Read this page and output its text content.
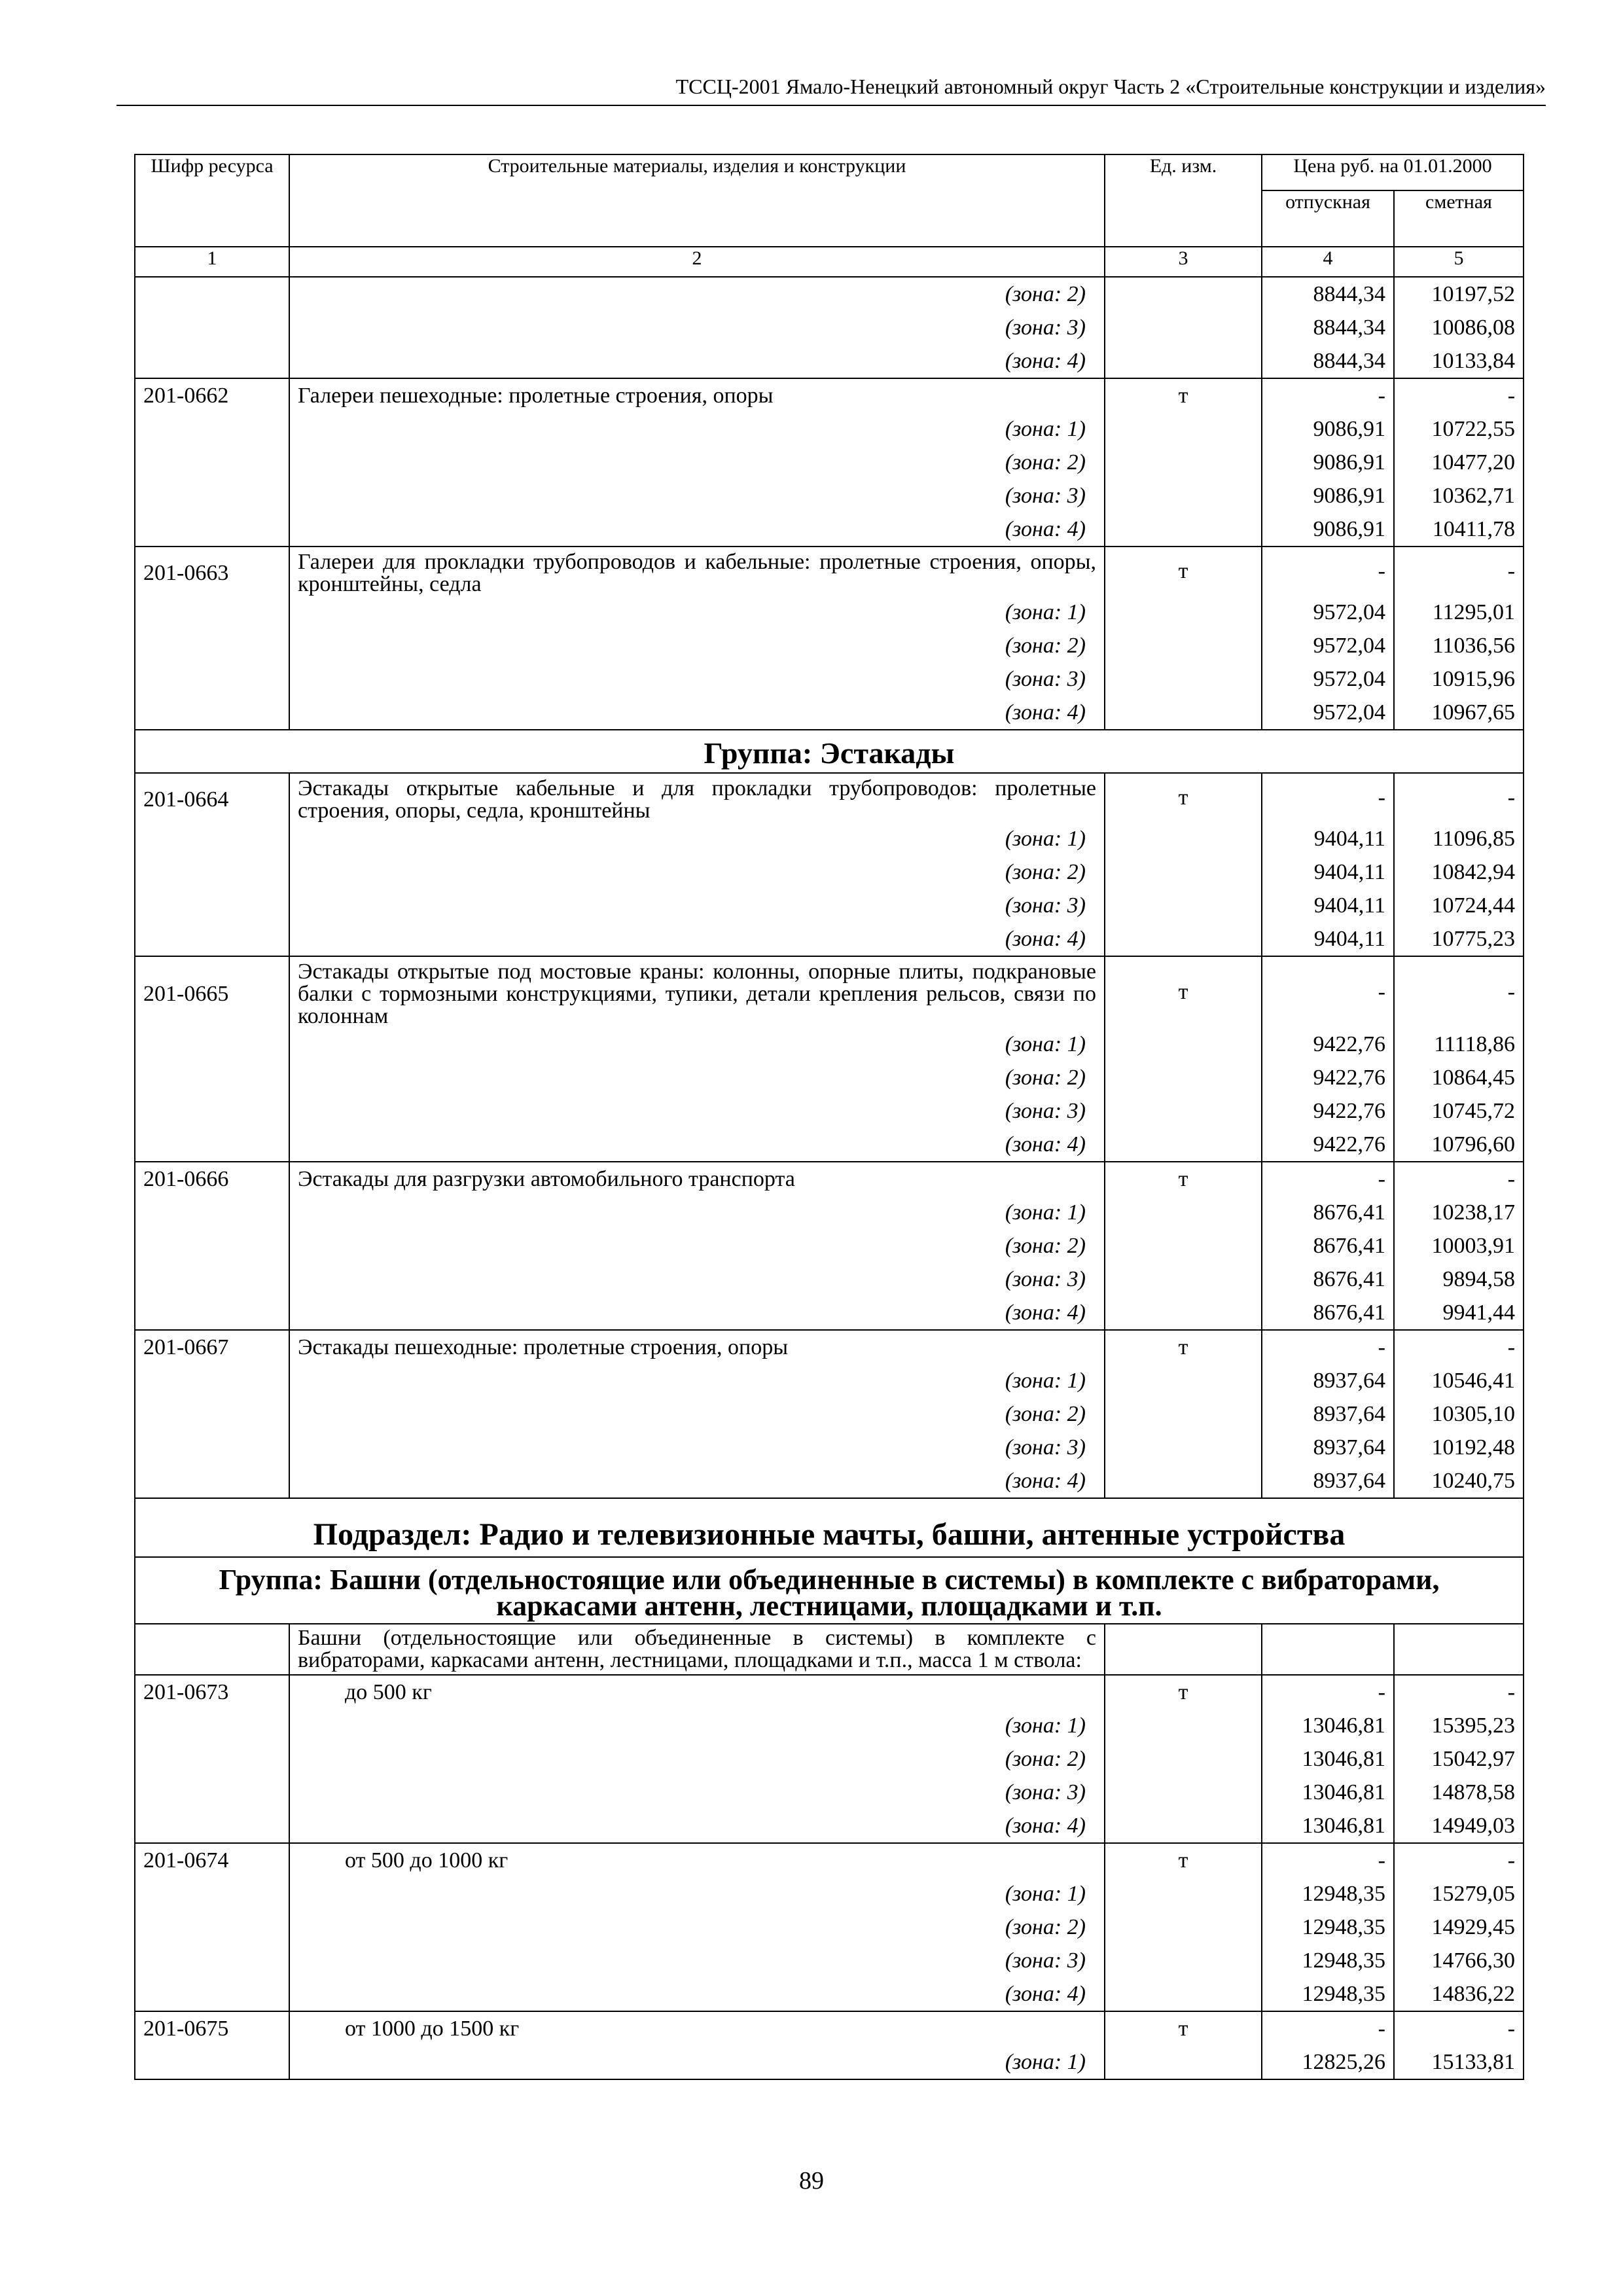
ТССЦ-2001 Ямало-Ненецкий автономный округ Часть 2 «Строительные конструкции и изделия»
Шифр ресурса	Строительные материалы, изделия и конструкции	Ед. изм.	Цена руб. на 01.01.2000	
			отпускная	сметная
1	2	3	4	5
	(зона: 2)		8844,34	10197,52
	(зона: 3)		8844,34	10086,08
	(зона: 4)		8844,34	10133,84
201-0662	Галереи пешеходные: пролетные строения, опоры	т	-	-
	(зона: 1)		9086,91	10722,55
	(зона: 2)		9086,91	10477,20
	(зона: 3)		9086,91	10362,71
	(зона: 4)		9086,91	10411,78
201-0663	Галереи для прокладки трубопроводов и кабельные: пролетные строения, опоры, кронштейны, седла	т	-	-
	(зона: 1)		9572,04	11295,01
	(зона: 2)		9572,04	11036,56
	(зона: 3)		9572,04	10915,96
	(зона: 4)		9572,04	10967,65
Группа: Эстакады				
201-0664	Эстакады открытые кабельные и для прокладки трубопроводов: пролетные строения, опоры, седла, кронштейны	т	-	-
	(зона: 1)		9404,11	11096,85
	(зона: 2)		9404,11	10842,94
	(зона: 3)		9404,11	10724,44
	(зона: 4)		9404,11	10775,23
201-0665	Эстакады открытые под мостовые краны: колонны, опорные плиты, подкрановые балки с тормозными конструкциями, тупики, детали крепления рельсов, связи по колоннам	т	-	-
	(зона: 1)		9422,76	11118,86
	(зона: 2)		9422,76	10864,45
	(зона: 3)		9422,76	10745,72
	(зона: 4)		9422,76	10796,60
201-0666	Эстакады для разгрузки автомобильного транспорта	т	-	-
	(зона: 1)		8676,41	10238,17
	(зона: 2)		8676,41	10003,91
	(зона: 3)		8676,41	9894,58
	(зона: 4)		8676,41	9941,44
201-0667	Эстакады пешеходные: пролетные строения, опоры	т	-	-
	(зона: 1)		8937,64	10546,41
	(зона: 2)		8937,64	10305,10
	(зона: 3)		8937,64	10192,48
	(зона: 4)		8937,64	10240,75
Подраздел: Радио и телевизионные мачты, башни, антенные устройства				
Группа: Башни (отдельностоящие или объединенные в системы) в комплекте с вибраторами, каркасами антенн, лестницами, площадками и т.п.				
	Башни (отдельностоящие или объединенные в системы) в комплекте с вибраторами, каркасами антенн, лестницами, площадками и т.п., масса 1 м ствола:			
201-0673	до 500 кг	т	-	-
	(зона: 1)		13046,81	15395,23
	(зона: 2)		13046,81	15042,97
	(зона: 3)		13046,81	14878,58
	(зона: 4)		13046,81	14949,03
201-0674	от 500 до 1000 кг	т	-	-
	(зона: 1)		12948,35	15279,05
	(зона: 2)		12948,35	14929,45
	(зона: 3)		12948,35	14766,30
	(зона: 4)		12948,35	14836,22
201-0675	от 1000 до 1500 кг	т	-	-
	(зона: 1)		12825,26	15133,81
89
